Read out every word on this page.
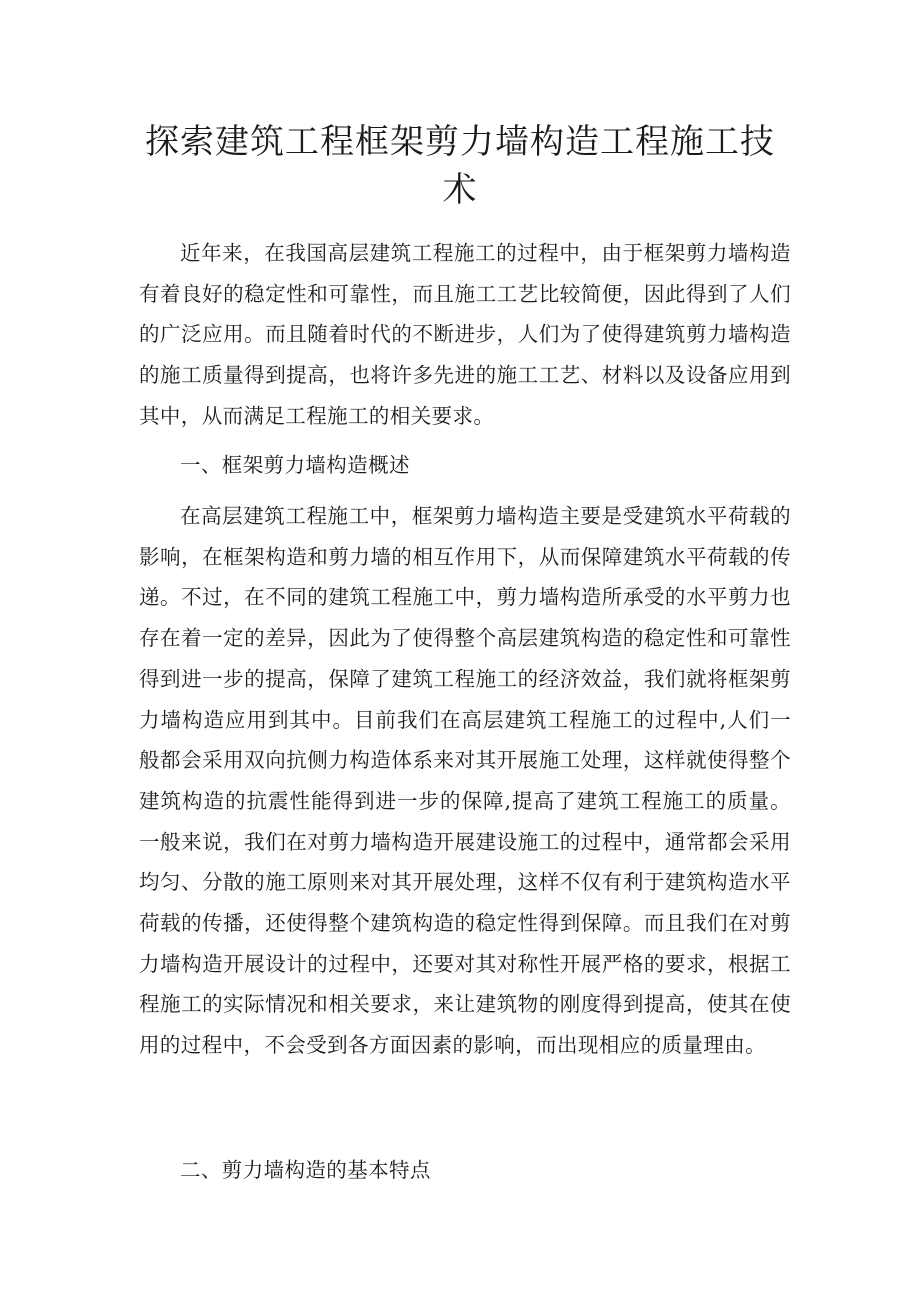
探索建筑工程框架剪力墙构造工程施工技术

近年来，在我国高层建筑工程施工的过程中，由于框架剪力墙构造有着良好的稳定性和可靠性，而且施工工艺比较简便，因此得到了人们的广泛应用。而且随着时代的不断进步，人们为了使得建筑剪力墙构造的施工质量得到提高，也将许多先进的施工工艺、材料以及设备应用到其中，从而满足工程施工的相关要求。

一、框架剪力墙构造概述

在高层建筑工程施工中，框架剪力墙构造主要是受建筑水平荷载的影响，在框架构造和剪力墙的相互作用下，从而保障建筑水平荷载的传递。不过，在不同的建筑工程施工中，剪力墙构造所承受的水平剪力也存在着一定的差异，因此为了使得整个高层建筑构造的稳定性和可靠性得到进一步的提高，保障了建筑工程施工的经济效益，我们就将框架剪力墙构造应用到其中。目前我们在高层建筑工程施工的过程中,人们一般都会采用双向抗侧力构造体系来对其开展施工处理，这样就使得整个建筑构造的抗震性能得到进一步的保障,提高了建筑工程施工的质量。一般来说，我们在对剪力墙构造开展建设施工的过程中，通常都会采用均匀、分散的施工原则来对其开展处理，这样不仅有利于建筑构造水平荷载的传播，还使得整个建筑构造的稳定性得到保障。而且我们在对剪力墙构造开展设计的过程中，还要对其对称性开展严格的要求，根据工程施工的实际情况和相关要求，来让建筑物的刚度得到提高，使其在使用的过程中，不会受到各方面因素的影响，而出现相应的质量理由。

二、剪力墙构造的基本特点
